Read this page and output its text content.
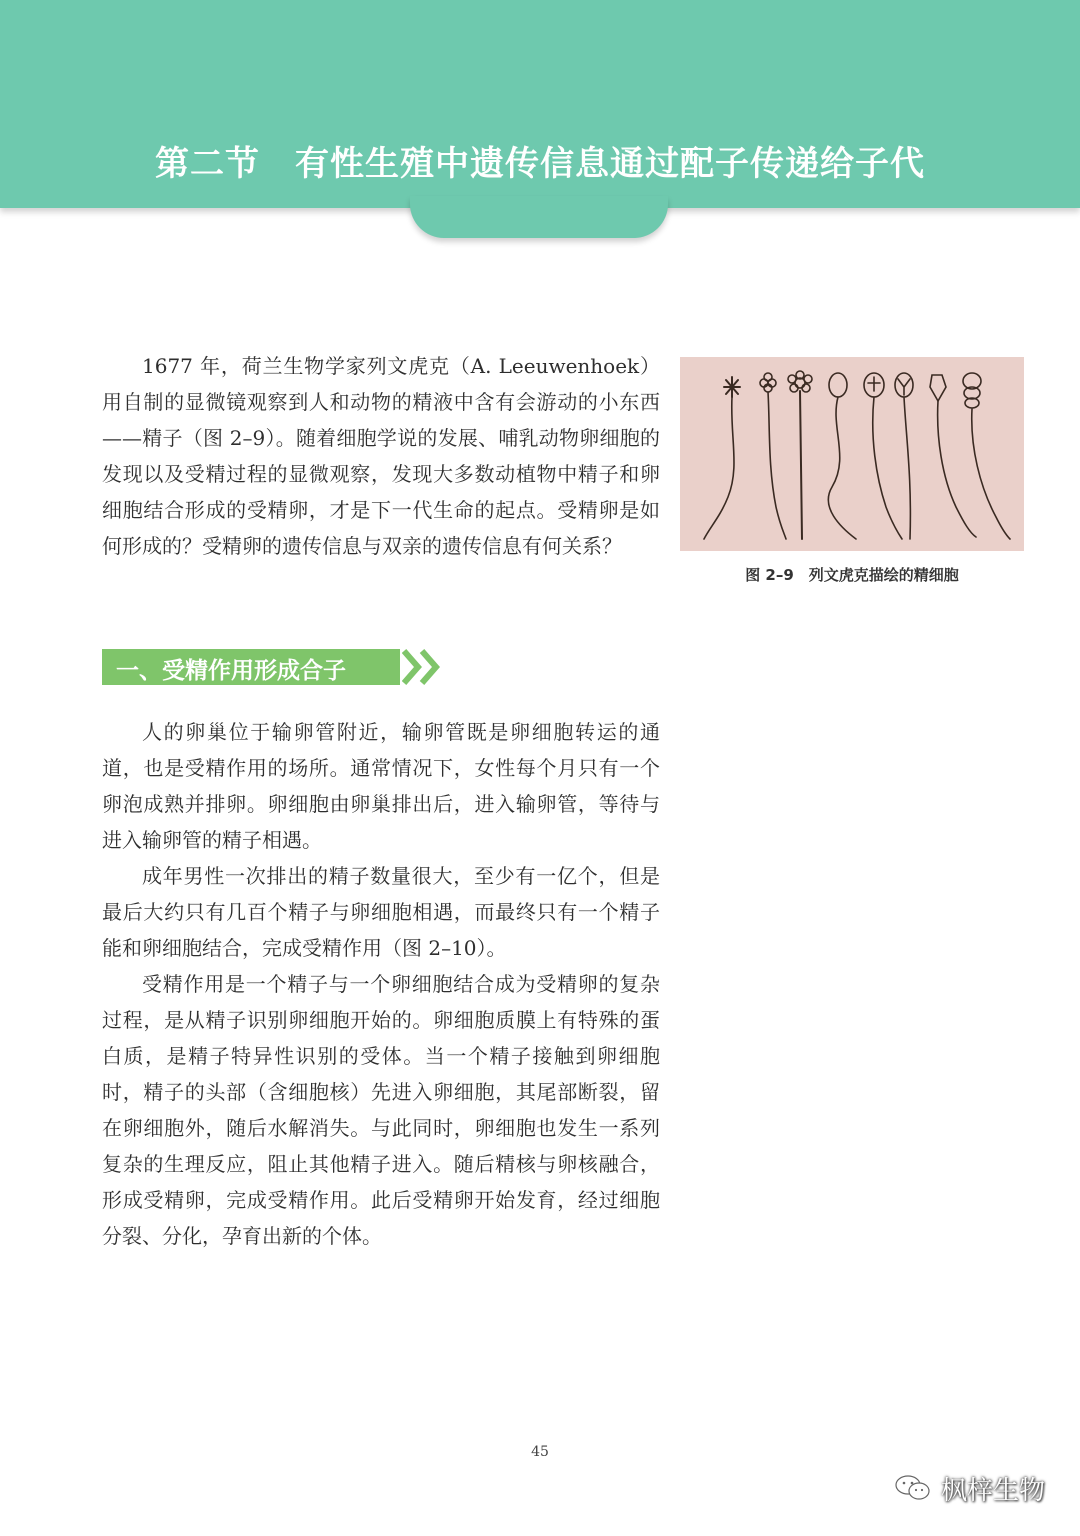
第二节　有性生殖中遗传信息通过配子传递给子代

1677 年，荷兰生物学家列文虎克（A. Leeuwenhoek）用自制的显微镜观察到人和动物的精液中含有会游动的小东西——精子（图 2–9）。随着细胞学说的发展、哺乳动物卵细胞的发现以及受精过程的显微观察，发现大多数动植物中精子和卵细胞结合形成的受精卵，才是下一代生命的起点。受精卵是如何形成的？受精卵的遗传信息与双亲的遗传信息有何关系？

图 2–9　列文虎克描绘的精细胞
一、受精作用形成合子

人的卵巢位于输卵管附近，输卵管既是卵细胞转运的通道，也是受精作用的场所。通常情况下，女性每个月只有一个卵泡成熟并排卵。卵细胞由卵巢排出后，进入输卵管，等待与进入输卵管的精子相遇。

成年男性一次排出的精子数量很大，至少有一亿个，但是最后大约只有几百个精子与卵细胞相遇，而最终只有一个精子能和卵细胞结合，完成受精作用（图 2–10）。

受精作用是一个精子与一个卵细胞结合成为受精卵的复杂过程，是从精子识别卵细胞开始的。卵细胞质膜上有特殊的蛋白质，是精子特异性识别的受体。当一个精子接触到卵细胞时，精子的头部（含细胞核）先进入卵细胞，其尾部断裂，留在卵细胞外，随后水解消失。与此同时，卵细胞也发生一系列复杂的生理反应，阻止其他精子进入。随后精核与卵核融合，形成受精卵，完成受精作用。此后受精卵开始发育，经过细胞分裂、分化，孕育出新的个体。

45
枫梓生物
